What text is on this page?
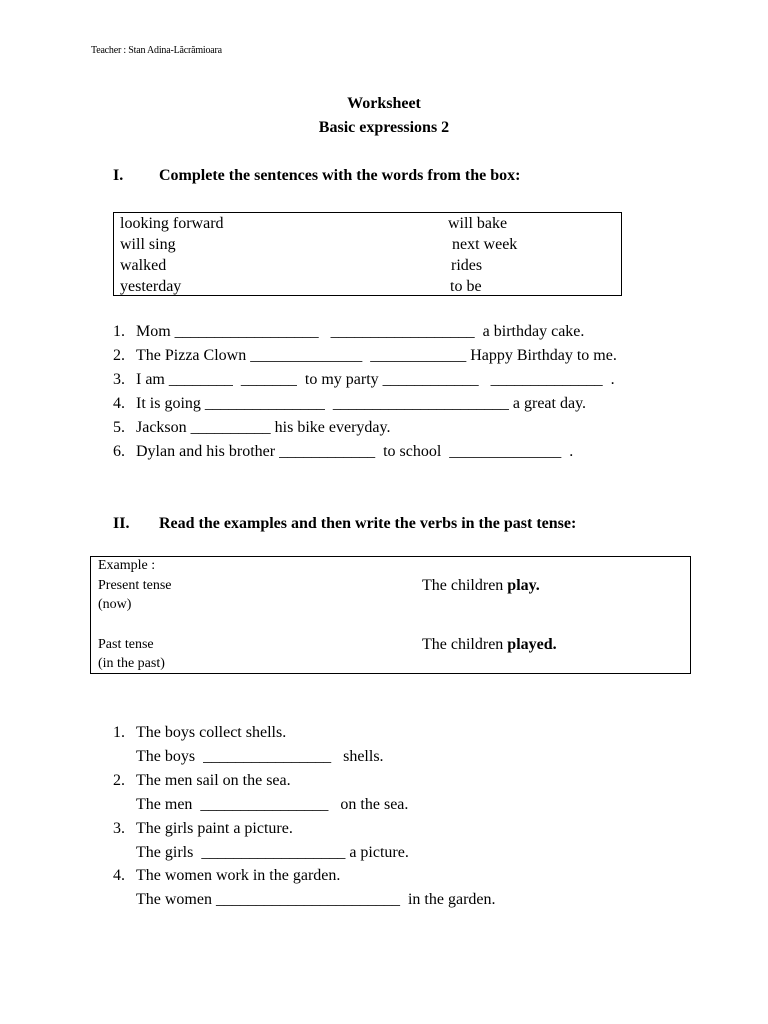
Teacher : Stan Adina-Lăcrămioara
Worksheet
Basic expressions 2
I. Complete the sentences with the words from the box:
looking forward
will sing
walked
yesterday
will bake
next week
rides
to be
1. Mom __________________   __________________  a birthday cake.
2. The Pizza Clown ______________  ____________ Happy Birthday to me.
3. I am ________  _______  to my party ____________   ______________  .
4. It is going _______________  ______________________ a great day.
5. Jackson __________ his bike everyday.
6. Dylan and his brother ____________  to school  ______________  .
II. Read the examples and then write the verbs in the past tense:
Example :
Present tense
(now)
The children play.
Past tense
(in the past)
The children played.
1. The boys collect shells.
The boys  ________________   shells.
2. The men sail on the sea.
The men  ________________   on the sea.
3. The girls paint a picture.
The girls  __________________ a picture.
4. The women work in the garden.
The women _______________________  in the garden.
